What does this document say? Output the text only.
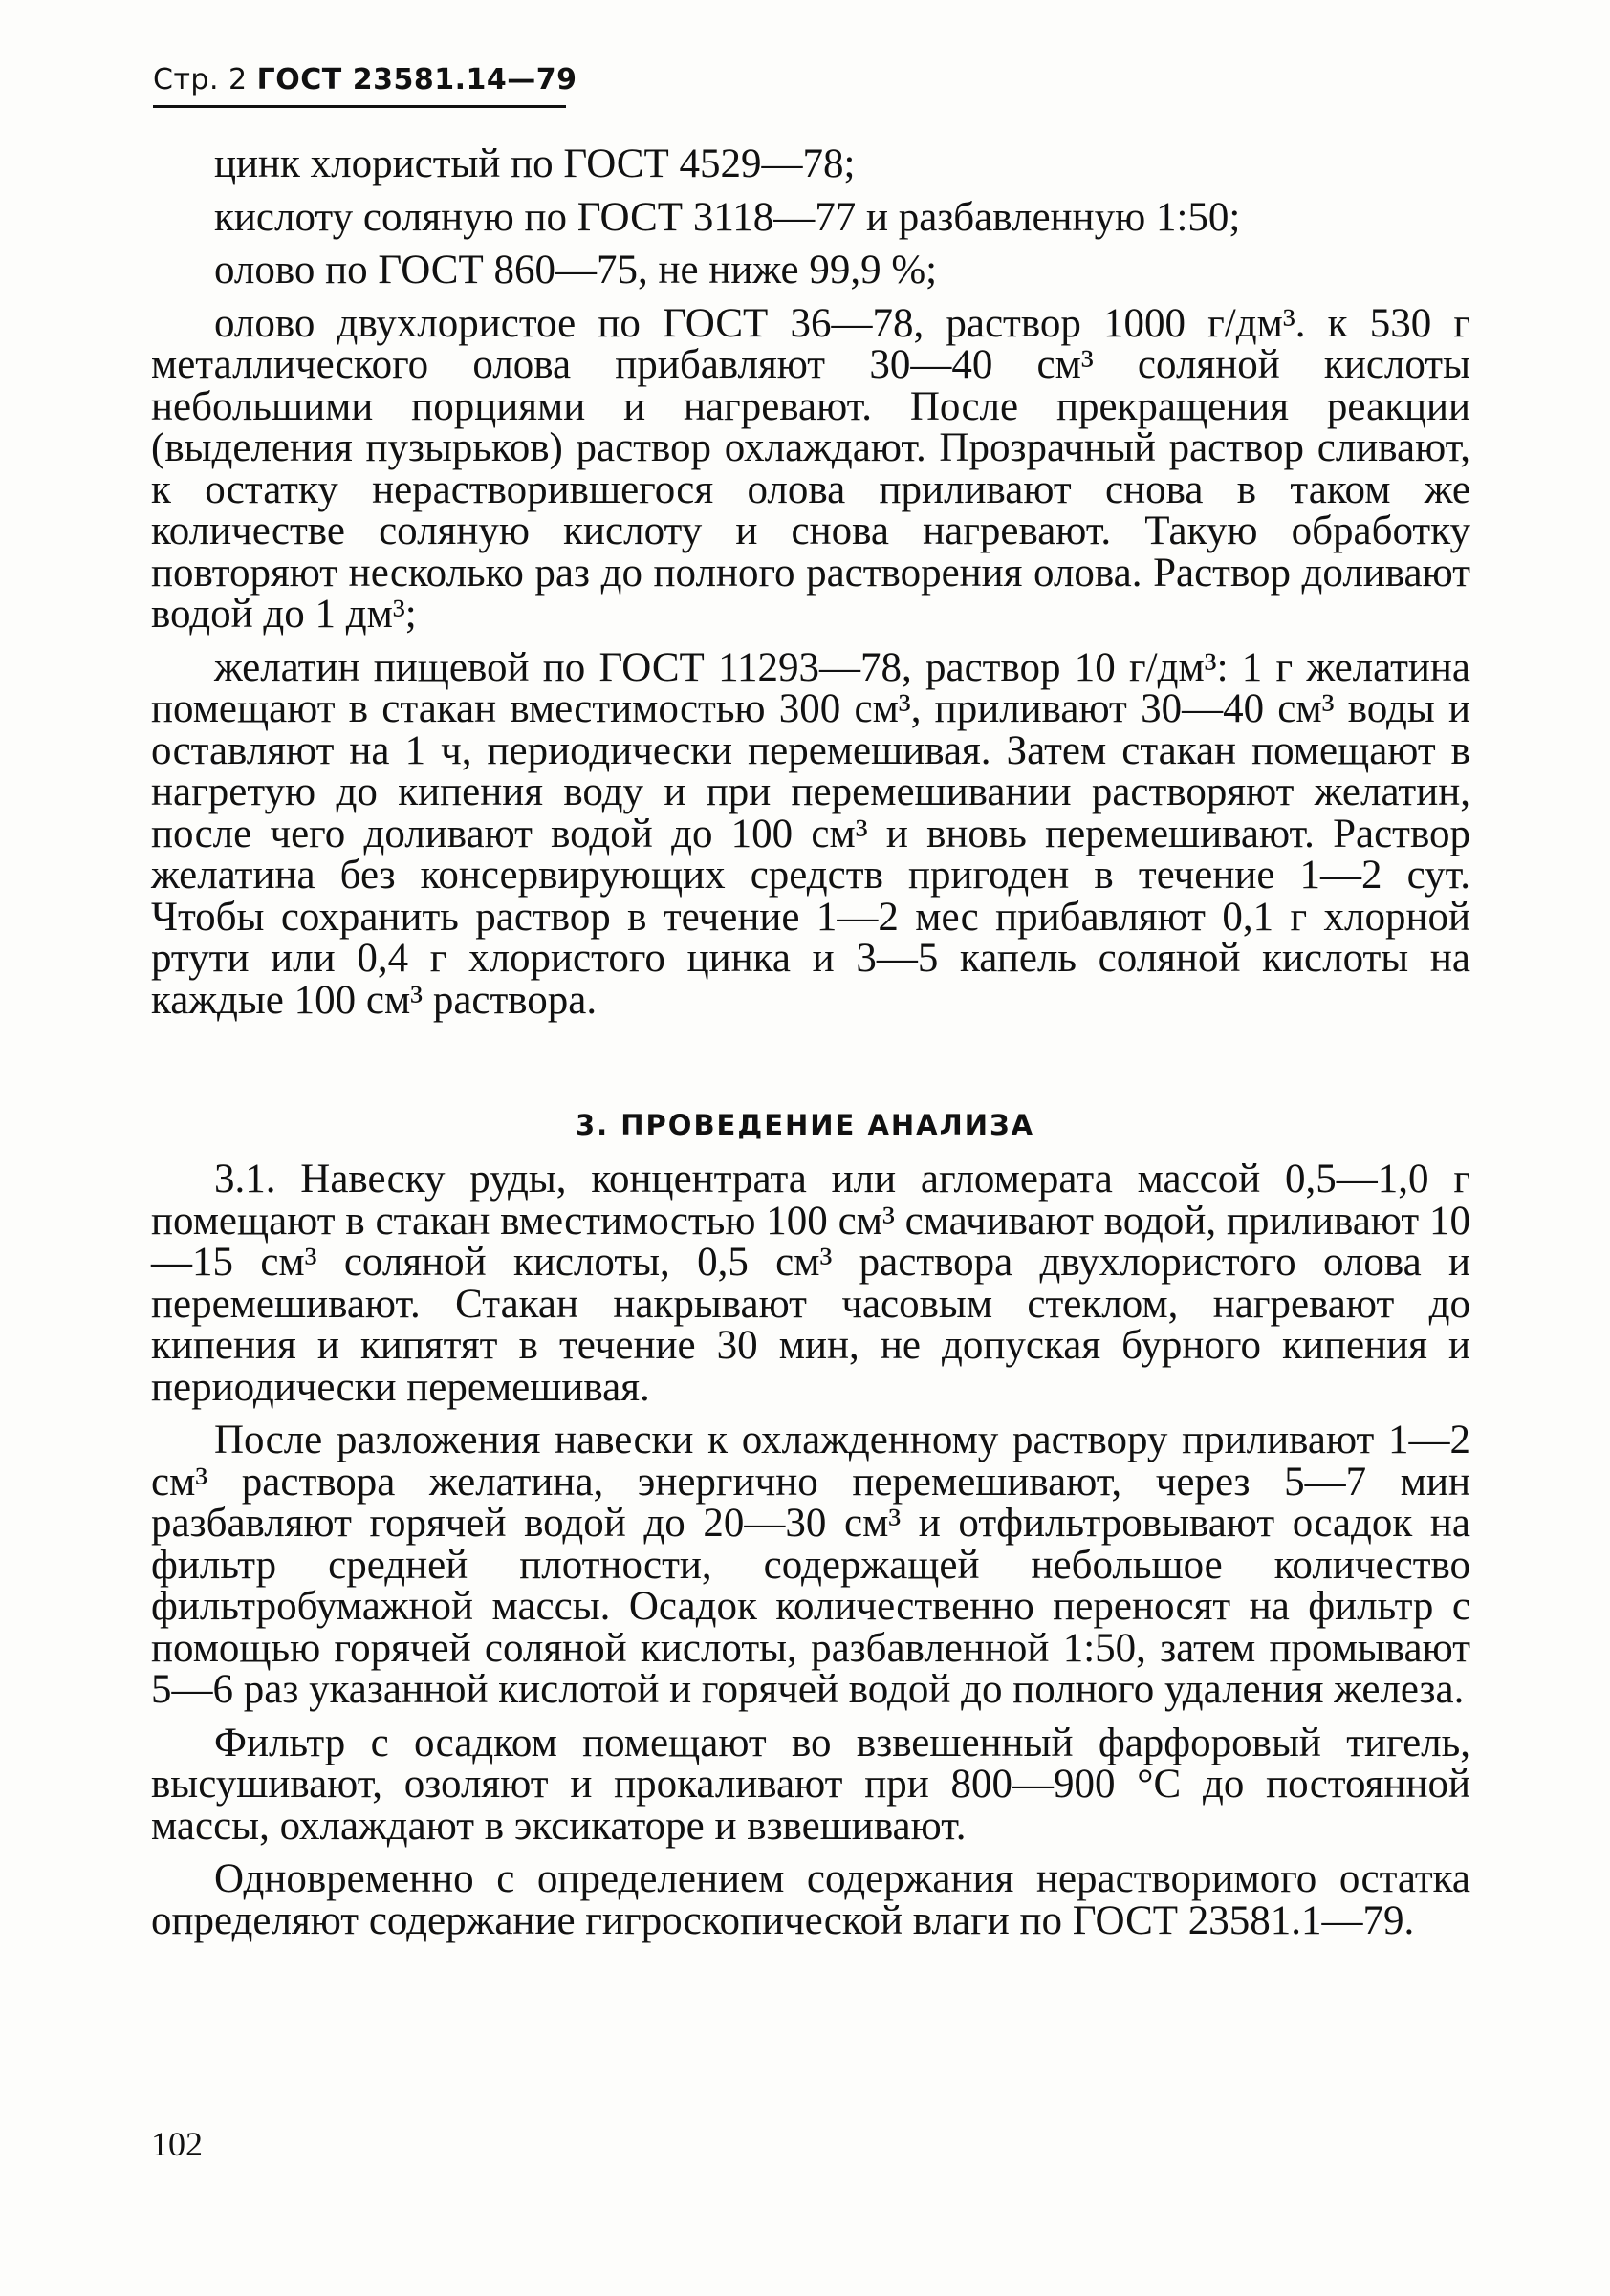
Стр. 2 ГОСТ 23581.14—79

цинк хлористый по ГОСТ 4529—78;

кислоту соляную по ГОСТ 3118—77 и разбавленную 1:50;

олово по ГОСТ 860—75, не ниже 99,9 %;

олово двухлористое по ГОСТ 36—78, раствор 1000 г/дм³. к 530 г металлического олова прибавляют 30—40 см³ соляной кислоты небольшими порциями и нагревают. После прекращения реакции (выделения пузырьков) раствор охлаждают. Прозрачный раствор сливают, к остатку нерастворившегося олова приливают снова в таком же количестве соляную кислоту и снова нагревают. Такую обработку повторяют несколько раз до полного растворения олова. Раствор доливают водой до 1 дм³;

желатин пищевой по ГОСТ 11293—78, раствор 10 г/дм³: 1 г желатина помещают в стакан вместимостью 300 см³, приливают 30—40 см³ воды и оставляют на 1 ч, периодически перемешивая. Затем стакан помещают в нагретую до кипения воду и при перемешивании растворяют желатин, после чего доливают водой до 100 см³ и вновь перемешивают. Раствор желатина без консервирующих средств пригоден в течение 1—2 сут. Чтобы сохранить раствор в течение 1—2 мес прибавляют 0,1 г хлорной ртути или 0,4 г хлористого цинка и 3—5 капель соляной кислоты на каждые 100 см³ раствора.

3. ПРОВЕДЕНИЕ АНАЛИЗА

3.1. Навеску руды, концентрата или агломерата массой 0,5—1,0 г помещают в стакан вместимостью 100 см³ смачивают водой, приливают 10—15 см³ соляной кислоты, 0,5 см³ раствора двухлористого олова и перемешивают. Стакан накрывают часовым стеклом, нагревают до кипения и кипятят в течение 30 мин, не допуская бурного кипения и периодически перемешивая.

После разложения навески к охлажденному раствору приливают 1—2 см³ раствора желатина, энергично перемешивают, через 5—7 мин разбавляют горячей водой до 20—30 см³ и отфильтровывают осадок на фильтр средней плотности, содержащей небольшое количество фильтробумажной массы. Осадок количественно переносят на фильтр с помощью горячей соляной кислоты, разбавленной 1:50, затем промывают 5—6 раз указанной кислотой и горячей водой до полного удаления железа.

Фильтр с осадком помещают во взвешенный фарфоровый тигель, высушивают, озоляют и прокаливают при 800—900 °С до постоянной массы, охлаждают в эксикаторе и взвешивают.

Одновременно с определением содержания нерастворимого остатка определяют содержание гигроскопической влаги по ГОСТ 23581.1—79.

102
